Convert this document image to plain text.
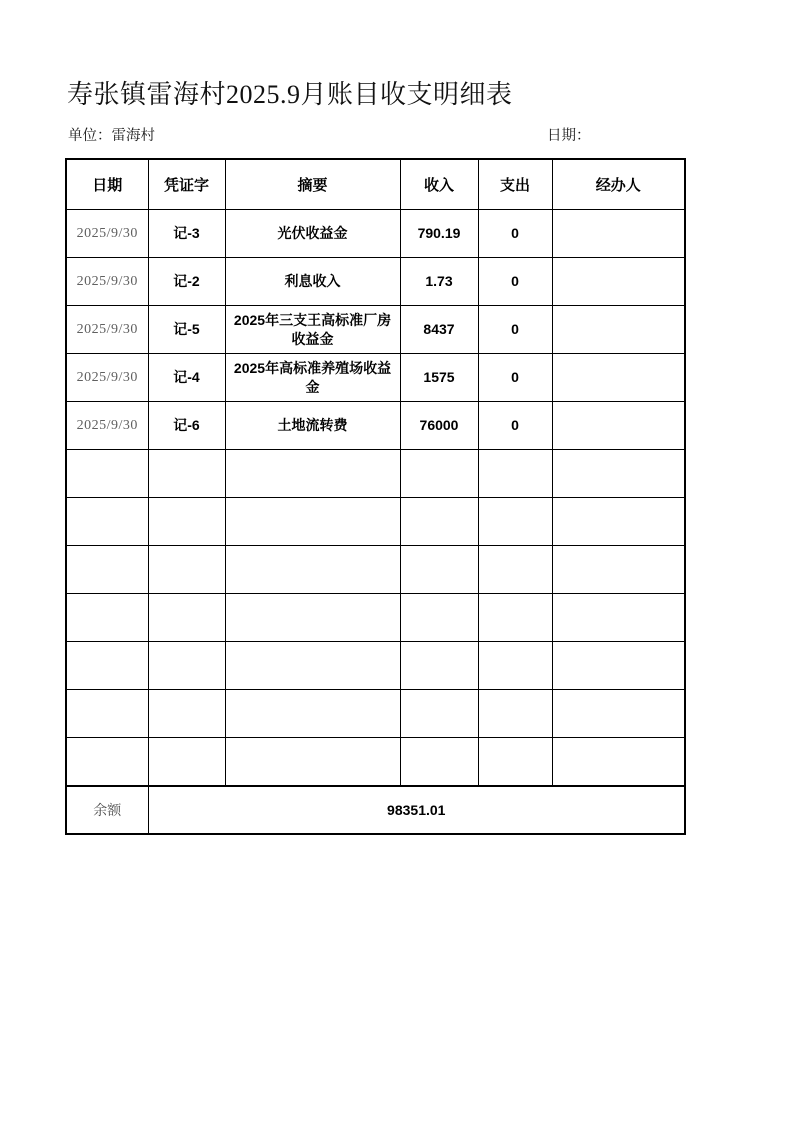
寿张镇雷海村2025.9月账目收支明细表
单位：雷海村	日期：
日期	凭证字	摘要	收入	支出	经办人
2025/9/30	记-3	光伏收益金	790.19	0	
2025/9/30	记-2	利息收入	1.73	0	
2025/9/30	记-5	2025年三支王高标准厂房收益金	8437	0	
2025/9/30	记-4	2025年高标准养殖场收益金	1575	0	
2025/9/30	记-6	土地流转费	76000	0	

余额	98351.01				
